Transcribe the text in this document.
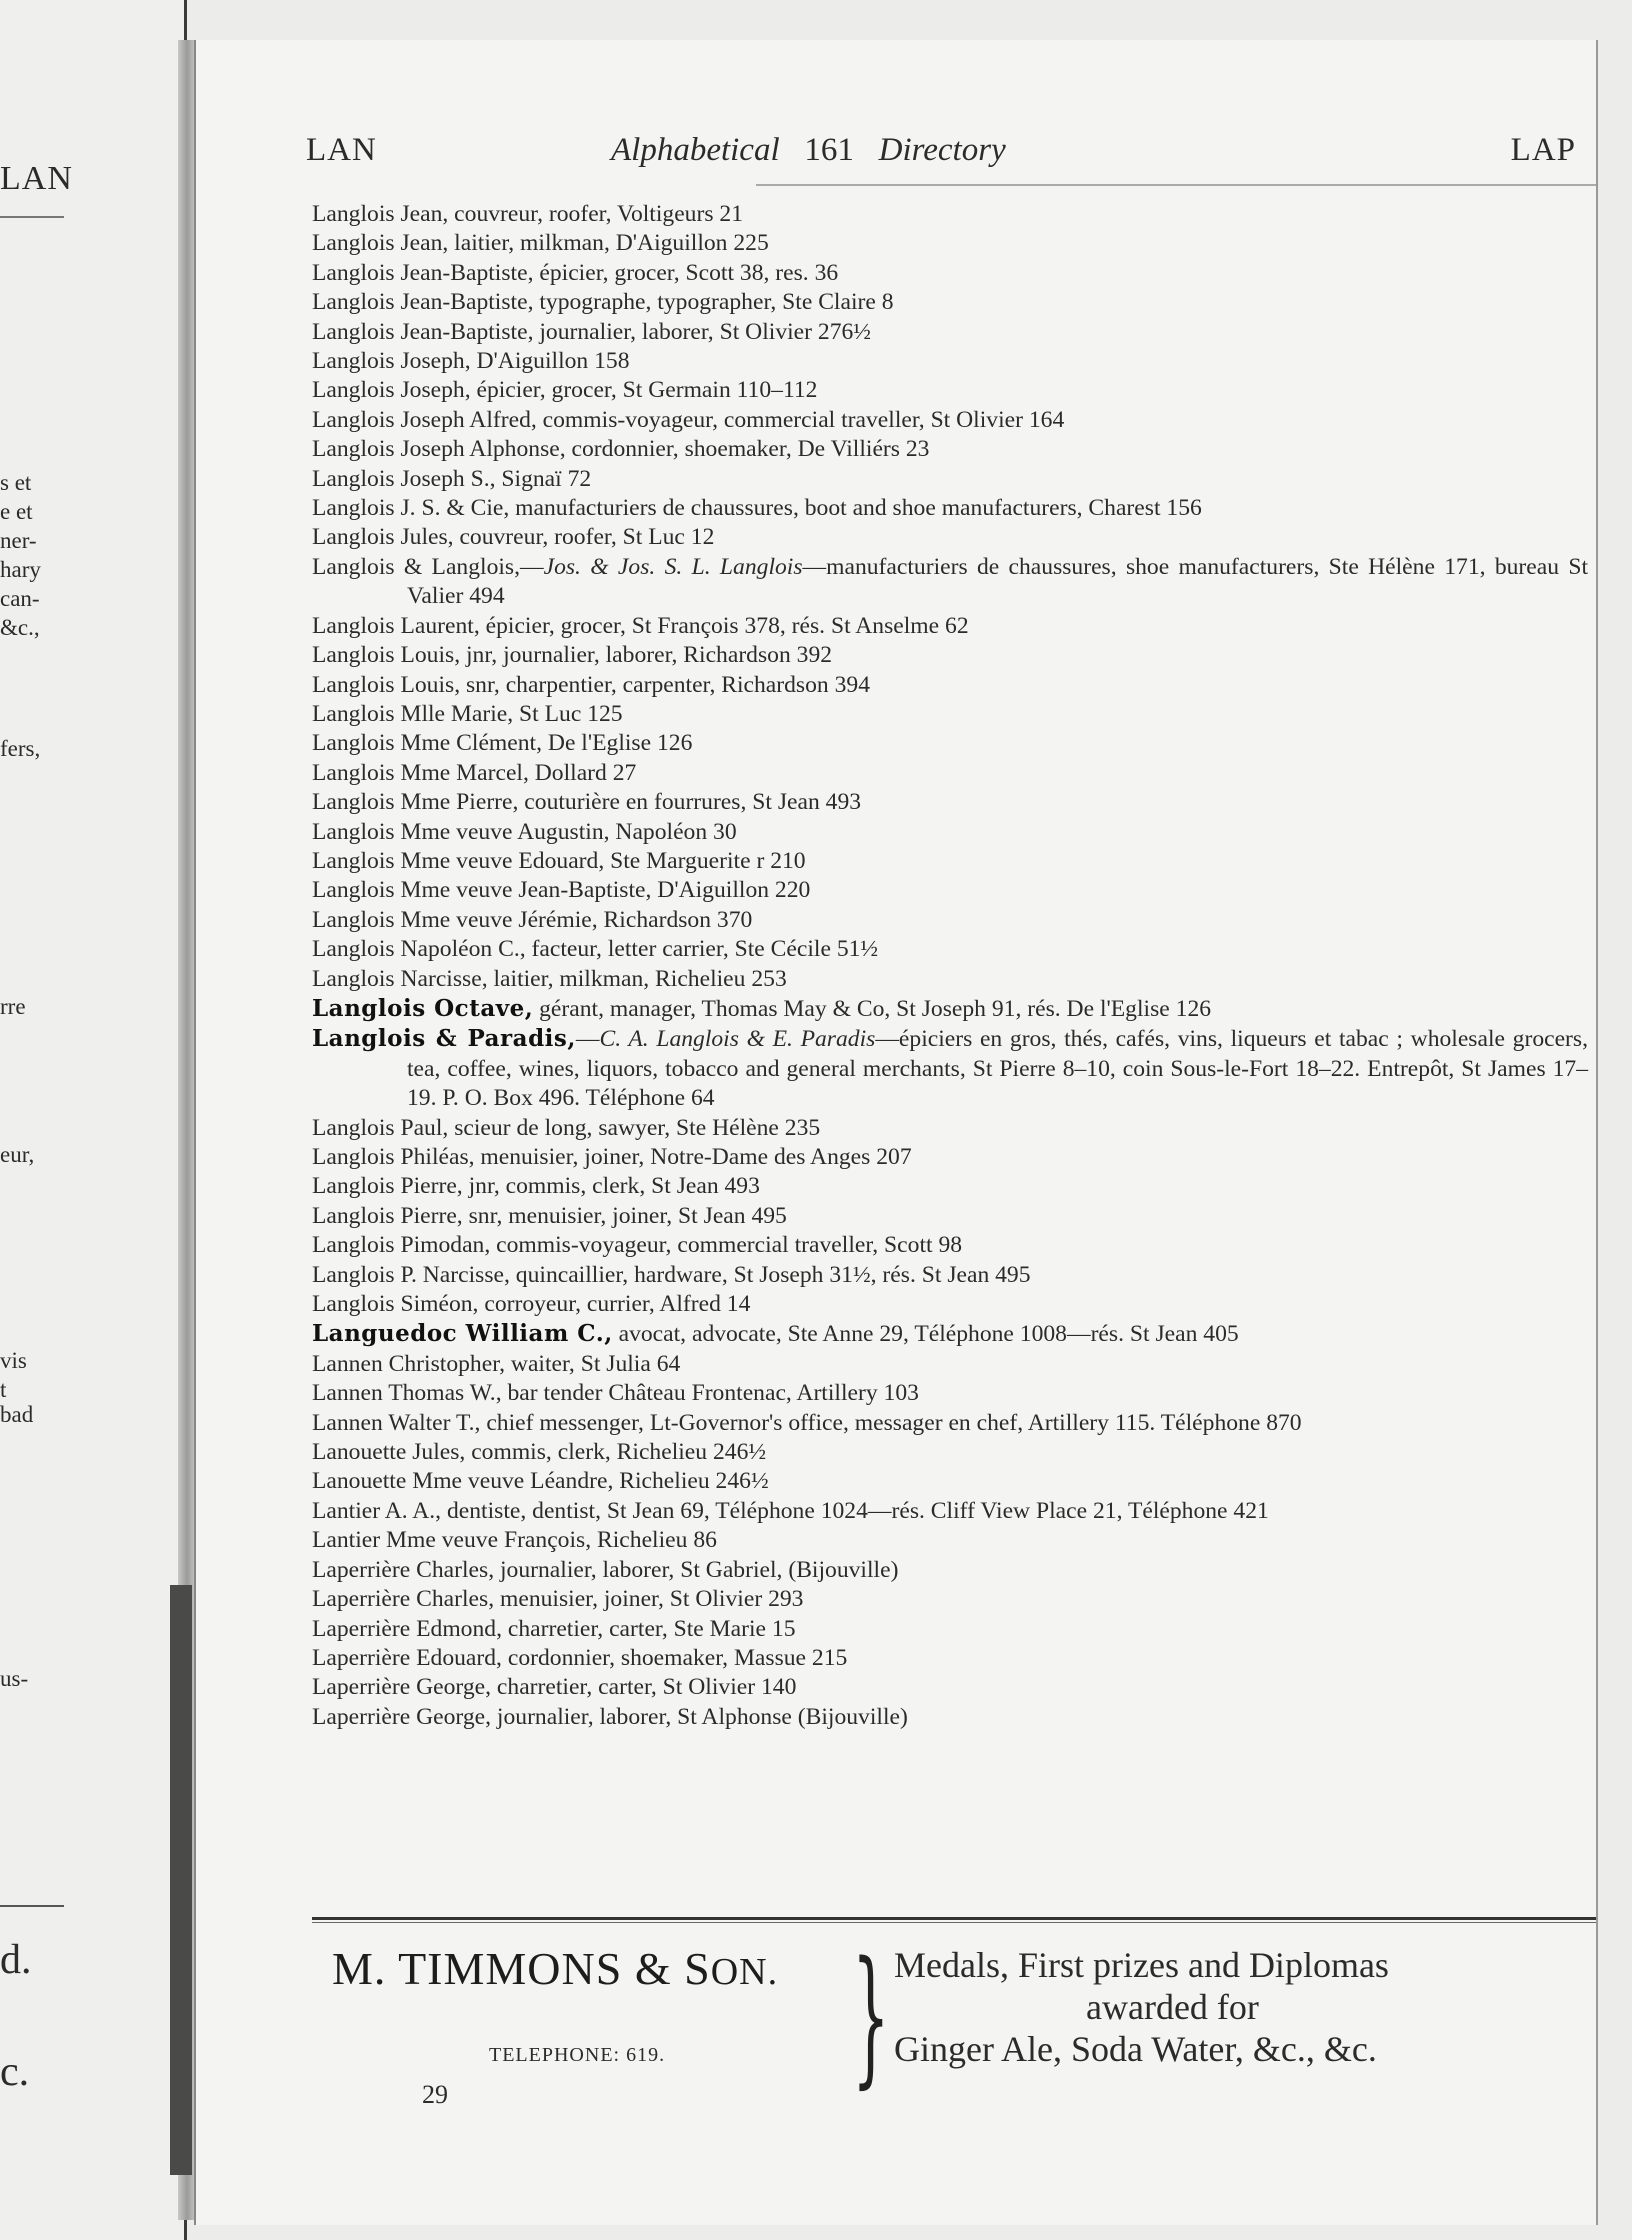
LAN
s et
e et
ner-
hary
can-
&c.,
fers,
rre
eur,
vis
t
bad
us-
d.
c.
LAN	Alphabetical 161 Directory	LAP

Langlois Jean, couvreur, roofer, Voltigeurs 21

Langlois Jean, laitier, milkman, D'Aiguillon 225

Langlois Jean-Baptiste, épicier, grocer, Scott 38, res. 36

Langlois Jean-Baptiste, typographe, typographer, Ste Claire 8

Langlois Jean-Baptiste, journalier, laborer, St Olivier 276½

Langlois Joseph, D'Aiguillon 158

Langlois Joseph, épicier, grocer, St Germain 110–112

Langlois Joseph Alfred, commis-voyageur, commercial traveller, St Olivier 164

Langlois Joseph Alphonse, cordonnier, shoemaker, De Villiérs 23

Langlois Joseph S., Signaï 72

Langlois J. S. & Cie, manufacturiers de chaussures, boot and shoe manufacturers, Charest 156

Langlois Jules, couvreur, roofer, St Luc 12

Langlois & Langlois,—Jos. & Jos. S. L. Langlois—manufacturiers de chaussures, shoe manufacturers, Ste Hélène 171, bureau St Valier 494

Langlois Laurent, épicier, grocer, St François 378, rés. St Anselme 62

Langlois Louis, jnr, journalier, laborer, Richardson 392

Langlois Louis, snr, charpentier, carpenter, Richardson 394

Langlois Mlle Marie, St Luc 125

Langlois Mme Clément, De l'Eglise 126

Langlois Mme Marcel, Dollard 27

Langlois Mme Pierre, couturière en fourrures, St Jean 493

Langlois Mme veuve Augustin, Napoléon 30

Langlois Mme veuve Edouard, Ste Marguerite r 210

Langlois Mme veuve Jean-Baptiste, D'Aiguillon 220

Langlois Mme veuve Jérémie, Richardson 370

Langlois Napoléon C., facteur, letter carrier, Ste Cécile 51½

Langlois Narcisse, laitier, milkman, Richelieu 253

Langlois Octave, gérant, manager, Thomas May & Co, St Joseph 91, rés. De l'Eglise 126

Langlois & Paradis,—C. A. Langlois & E. Paradis—épiciers en gros, thés, cafés, vins, liqueurs et tabac ; wholesale grocers, tea, coffee, wines, liquors, tobacco and general merchants, St Pierre 8–10, coin Sous-le-Fort 18–22. Entrepôt, St James 17–19. P. O. Box 496. Téléphone 64

Langlois Paul, scieur de long, sawyer, Ste Hélène 235

Langlois Philéas, menuisier, joiner, Notre-Dame des Anges 207

Langlois Pierre, jnr, commis, clerk, St Jean 493

Langlois Pierre, snr, menuisier, joiner, St Jean 495

Langlois Pimodan, commis-voyageur, commercial traveller, Scott 98

Langlois P. Narcisse, quincaillier, hardware, St Joseph 31½, rés. St Jean 495

Langlois Siméon, corroyeur, currier, Alfred 14

Languedoc William C., avocat, advocate, Ste Anne 29, Téléphone 1008—rés. St Jean 405

Lannen Christopher, waiter, St Julia 64

Lannen Thomas W., bar tender Château Frontenac, Artillery 103

Lannen Walter T., chief messenger, Lt-Governor's office, messager en chef, Artillery 115. Téléphone 870

Lanouette Jules, commis, clerk, Richelieu 246½

Lanouette Mme veuve Léandre, Richelieu 246½

Lantier A. A., dentiste, dentist, St Jean 69, Téléphone 1024—rés. Cliff View Place 21, Téléphone 421

Lantier Mme veuve François, Richelieu 86

Laperrière Charles, journalier, laborer, St Gabriel, (Bijouville)

Laperrière Charles, menuisier, joiner, St Olivier 293

Laperrière Edmond, charretier, carter, Ste Marie 15

Laperrière Edouard, cordonnier, shoemaker, Massue 215

Laperrière George, charretier, carter, St Olivier 140

Laperrière George, journalier, laborer, St Alphonse (Bijouville)

M. TIMMONS & SON.
TELEPHONE: 619. } Medals, First prizes and Diplomas
awarded for
Ginger Ale, Soda Water, &c., &c.
29
